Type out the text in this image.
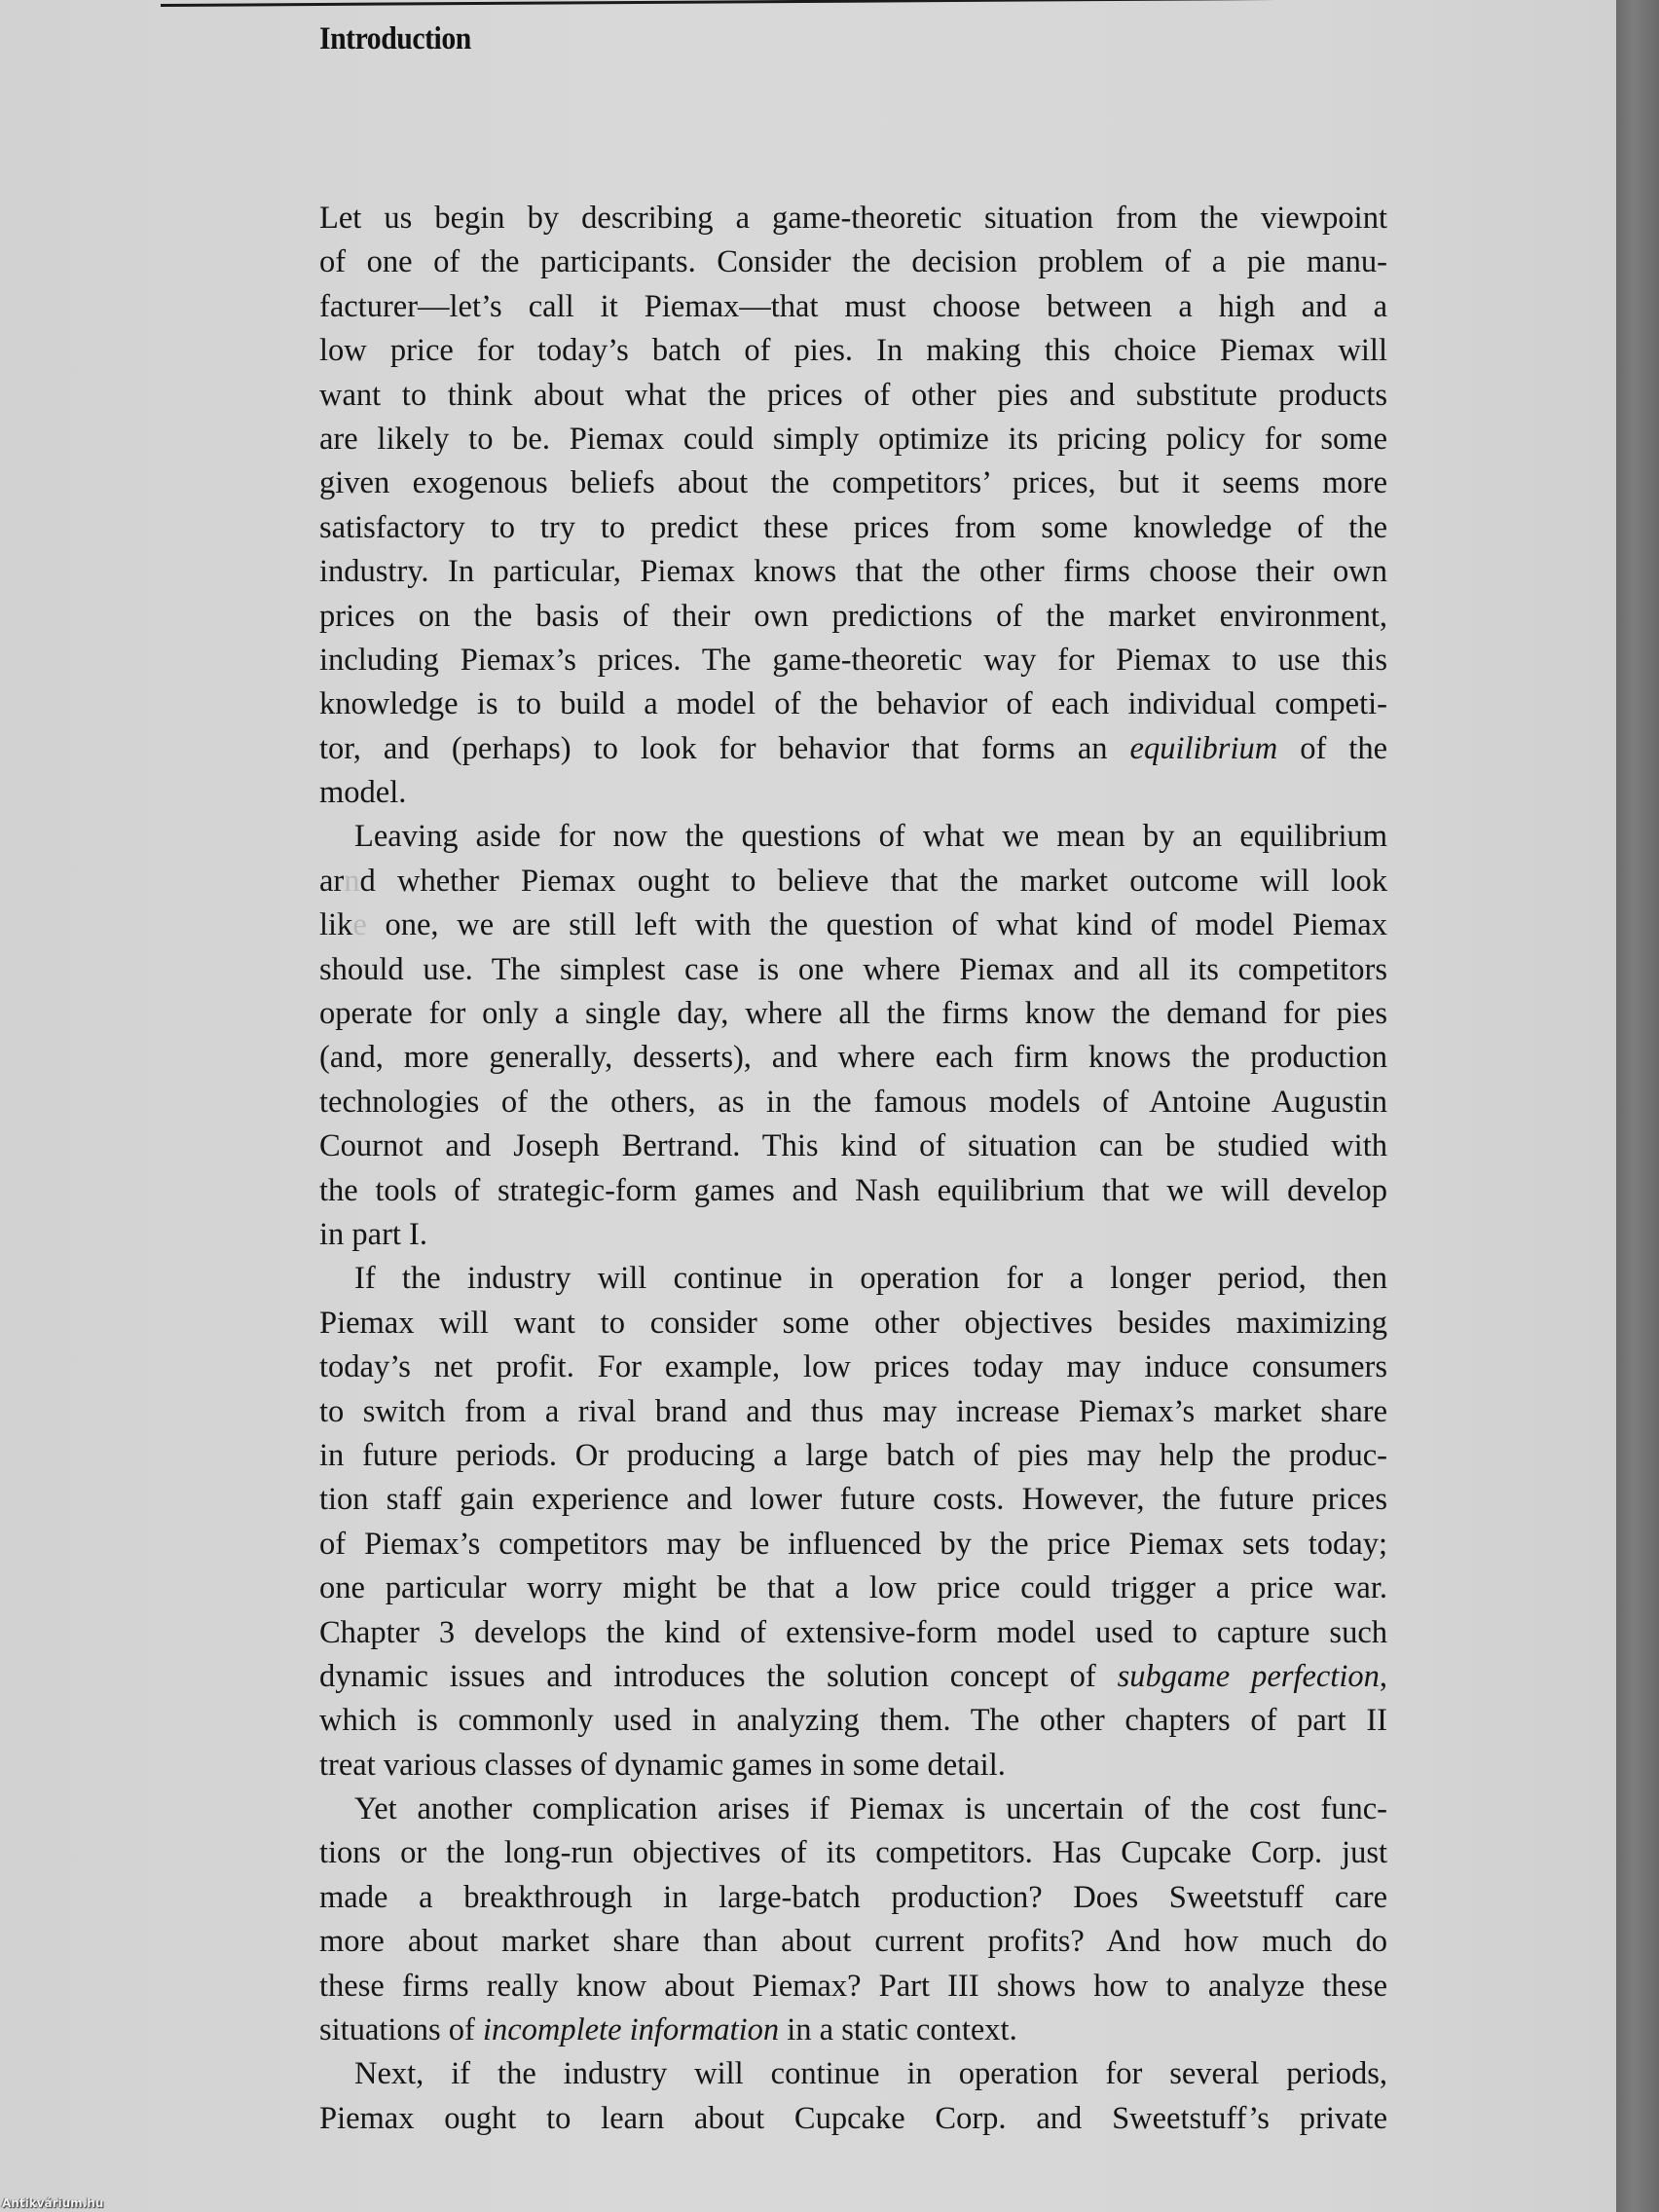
Introduction
Let us begin by describing a game-theoretic situation from the viewpoint
of one of the participants. Consider the decision problem of a pie manu-
facturer—let’s call it Piemax—that must choose between a high and a
low price for today’s batch of pies. In making this choice Piemax will
want to think about what the prices of other pies and substitute products
are likely to be. Piemax could simply optimize its pricing policy for some
given exogenous beliefs about the competitors’ prices, but it seems more
satisfactory to try to predict these prices from some knowledge of the
industry. In particular, Piemax knows that the other firms choose their own
prices on the basis of their own predictions of the market environment,
including Piemax’s prices. The game-theoretic way for Piemax to use this
knowledge is to build a model of the behavior of each individual competi-
tor, and (perhaps) to look for behavior that forms an equilibrium of the
model.
Leaving aside for now the questions of what we mean by an equilibrium
arnd whether Piemax ought to believe that the market outcome will look
like one, we are still left with the question of what kind of model Piemax
should use. The simplest case is one where Piemax and all its competitors
operate for only a single day, where all the firms know the demand for pies
(and, more generally, desserts), and where each firm knows the production
technologies of the others, as in the famous models of Antoine Augustin
Cournot and Joseph Bertrand. This kind of situation can be studied with
the tools of strategic-form games and Nash equilibrium that we will develop
in part I.
If the industry will continue in operation for a longer period, then
Piemax will want to consider some other objectives besides maximizing
today’s net profit. For example, low prices today may induce consumers
to switch from a rival brand and thus may increase Piemax’s market share
in future periods. Or producing a large batch of pies may help the produc-
tion staff gain experience and lower future costs. However, the future prices
of Piemax’s competitors may be influenced by the price Piemax sets today;
one particular worry might be that a low price could trigger a price war.
Chapter 3 develops the kind of extensive-form model used to capture such
dynamic issues and introduces the solution concept of subgame perfection,
which is commonly used in analyzing them. The other chapters of part II
treat various classes of dynamic games in some detail.
Yet another complication arises if Piemax is uncertain of the cost func-
tions or the long-run objectives of its competitors. Has Cupcake Corp. just
made a breakthrough in large-batch production? Does Sweetstuff care
more about market share than about current profits? And how much do
these firms really know about Piemax? Part III shows how to analyze these
situations of incomplete information in a static context.
Next, if the industry will continue in operation for several periods,
Piemax ought to learn about Cupcake Corp. and Sweetstuff’s private
Antikvárium.hu
